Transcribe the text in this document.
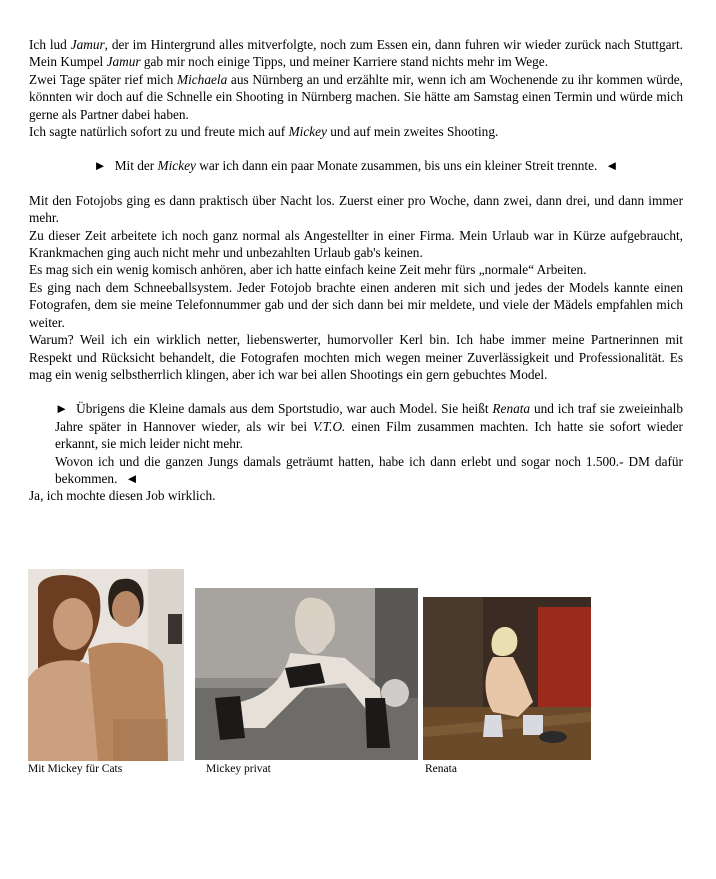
Ich lud Jamur, der im Hintergrund alles mitverfolgte, noch zum Essen ein, dann fuhren wir wieder zurück nach Stuttgart. Mein Kumpel Jamur gab mir noch einige Tipps, und meiner Karriere stand nichts mehr im Wege.

Zwei Tage später rief mich Michaela aus Nürnberg an und erzählte mir, wenn ich am Wochenende zu ihr kommen würde, könnten wir doch auf die Schnelle ein Shooting in Nürnberg machen. Sie hätte am Samstag einen Termin und würde mich gerne als Partner dabei haben.

Ich sagte natürlich sofort zu und freute mich auf Mickey und auf mein zweites Shooting.

► Mit der Mickey war ich dann ein paar Monate zusammen, bis uns ein kleiner Streit trennte. ◄

Mit den Fotojobs ging es dann praktisch über Nacht los. Zuerst einer pro Woche, dann zwei, dann drei, und dann immer mehr.

Zu dieser Zeit arbeitete ich noch ganz normal als Angestellter in einer Firma. Mein Urlaub war in Kürze aufgebraucht, Krankmachen ging auch nicht mehr und unbezahlten Urlaub gab's keinen.

Es mag sich ein wenig komisch anhören, aber ich hatte einfach keine Zeit mehr fürs „normale“ Arbeiten.

Es ging nach dem Schneeballsystem. Jeder Fotojob brachte einen anderen mit sich und jedes der Models kannte einen Fotografen, dem sie meine Telefonnummer gab und der sich dann bei mir meldete, und viele der Mädels empfahlen mich weiter.

Warum? Weil ich ein wirklich netter, liebenswerter, humorvoller Kerl bin. Ich habe immer meine Partnerinnen mit Respekt und Rücksicht behandelt, die Fotografen mochten mich wegen meiner Zuverlässigkeit und Professionalität. Es mag ein wenig selbstherrlich klingen, aber ich war bei allen Shootings ein gern gebuchtes Model.

► Übrigens die Kleine damals aus dem Sportstudio, war auch Model. Sie heißt Renata und ich traf sie zweieinhalb Jahre später in Hannover wieder, als wir bei V.T.O. einen Film zusammen machten. Ich hatte sie sofort wieder erkannt, sie mich leider nicht mehr.

Wovon ich und die ganzen Jungs damals geträumt hatten, habe ich dann erlebt und sogar noch 1.500.- DM dafür bekommen. ◄

Ja, ich mochte diesen Job wirklich.

Mit Mickey für Cats	Mickey privat	Renata
